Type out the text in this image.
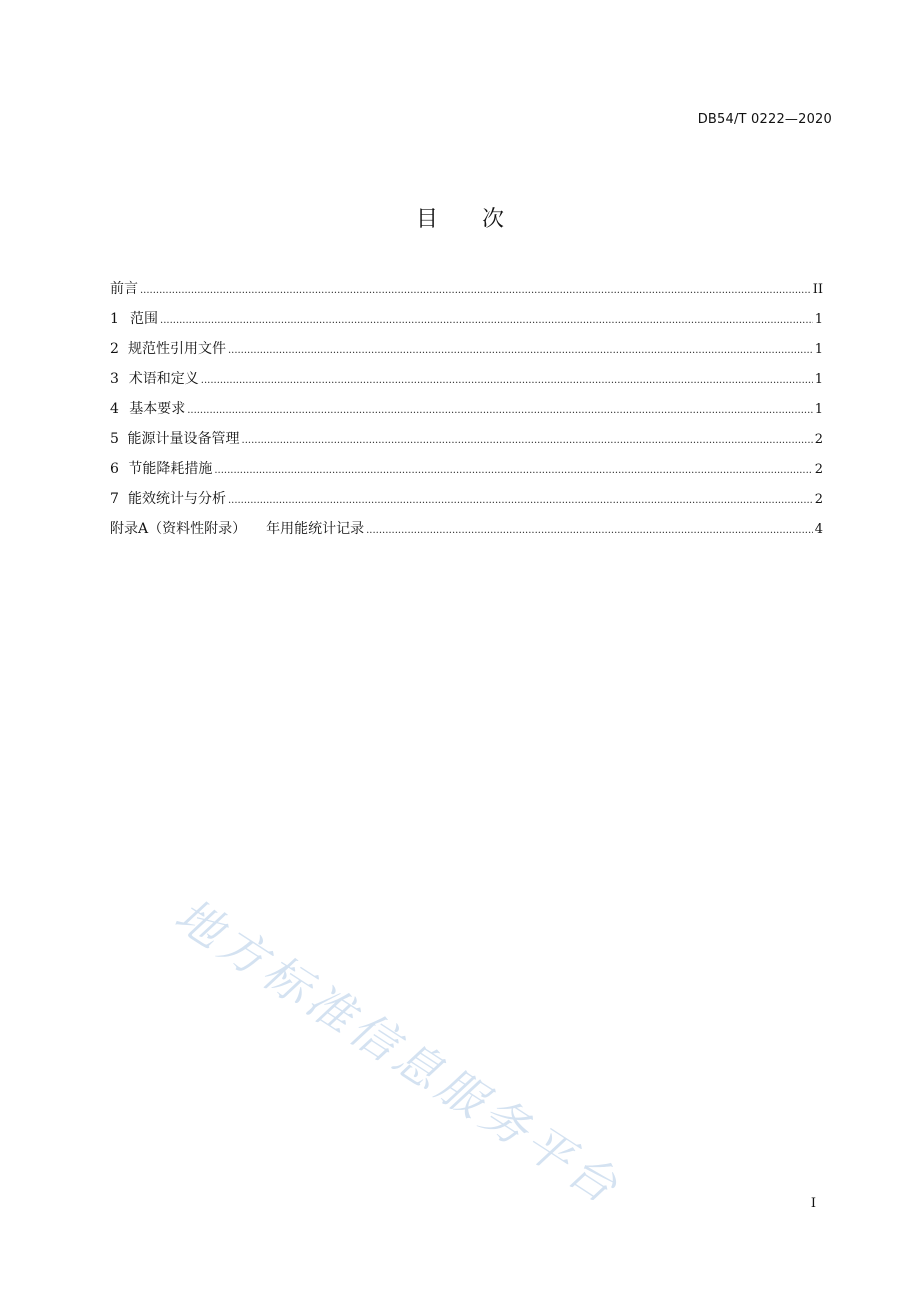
DB54/T 0222—2020
目 次
前言 .....	II
1 范围 .....	1
2 规范性引用文件 .....	1
3 术语和定义 .....	1
4 基本要求 .....	1
5 能源计量设备管理 .....	2
6 节能降耗措施 .....	2
7 能效统计与分析 .....	2
附录A（资料性附录） 年用能统计记录 .....	4
地方标准信息服务平台	I
